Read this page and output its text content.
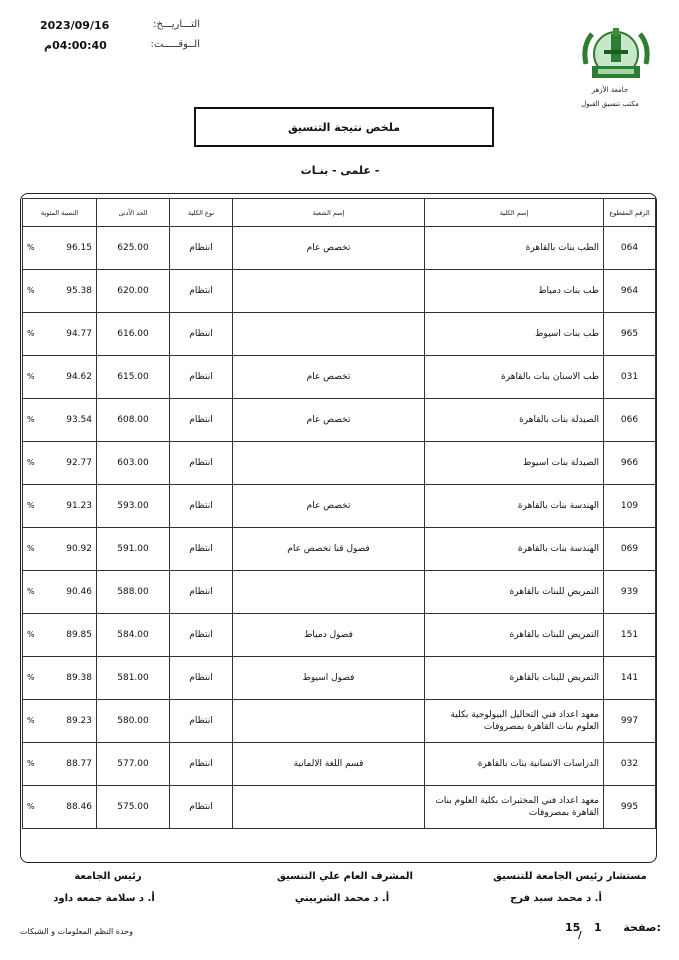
التـــاريـــخ:
2023/09/16
الــوقـــــت:
04:00:40م
جامعة الأزهر
مكتب تنسيق القبول
ملخص نتيجة التنسيق
- علمى - بنـات
الرقم المقطوع	إسم الكلية	إسم الشعبة	نوع الكلية	الحد الأدنى	النسبة المئوية
064	الطب بنات بالقاهرة	تخصص عام	انتظام	625.00	96.15
%

964	طب بنات دمياط		انتظام	620.00	95.38
%

965	طب بنات اسيوط		انتظام	616.00	94.77
%

031	طب الاسنان بنات بالقاهرة	تخصص عام	انتظام	615.00	94.62
%

066	الصيدلة بنات بالقاهرة	تخصص عام	انتظام	608.00	93.54
%

966	الصيدلة بنات اسيوط		انتظام	603.00	92.77
%

109	الهندسة بنات بالقاهرة	تخصص عام	انتظام	593.00	91.23
%

069	الهندسة بنات بالقاهرة	فصول قنا تخصص عام	انتظام	591.00	90.92
%

939	التمريض للبنات بالقاهرة		انتظام	588.00	90.46
%

151	التمريض للبنات بالقاهرة	فصول دمياط	انتظام	584.00	89.85
%

141	التمريض للبنات بالقاهرة	فصول اسيوط	انتظام	581.00	89.38
%

997	معهد اعداد فني التحاليل البيولوجية بكلية العلوم بنات القاهرة بمصروفات		انتظام	580.00	89.23
%

032	الدراسات الانسانية بنات بالقاهرة	قسم اللغة الالمانية	انتظام	577.00	88.77
%

995	معهد اعداد فني المختبرات بكلية العلوم بنات القاهرة بمصروفات		انتظام	575.00	88.46
%
مستشار رئيس الجامعة للتنسيق
أ. د محمد سيد فرج
المشرف العام علي التنسيق
أ. د محمد الشربيني
رئيس الجامعة
أ. د سلامة جمعه داود
وحدة النظم المعلومات و الشبكات	15 1 صفحة:
/
